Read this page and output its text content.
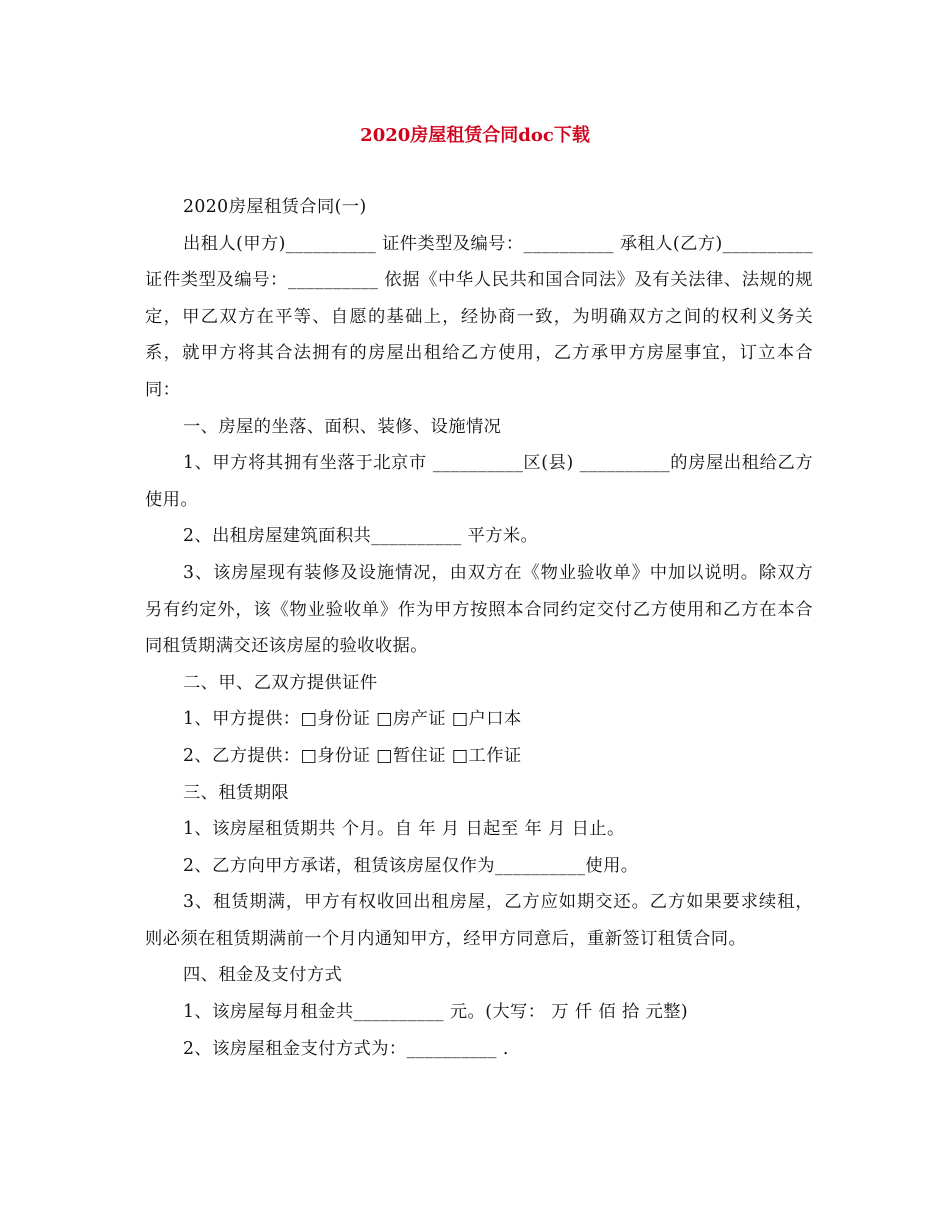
2020房屋租赁合同doc下载

2020房屋租赁合同(一)

出租人(甲方)__________ 证件类型及编号：__________ 承租人(乙方)__________ 证件类型及编号：__________ 依据《中华人民共和国合同法》及有关法律、法规的规定，甲乙双方在平等、自愿的基础上，经协商一致，为明确双方之间的权利义务关系，就甲方将其合法拥有的房屋出租给乙方使用，乙方承甲方房屋事宜，订立本合同：

一、房屋的坐落、面积、装修、设施情况

1、甲方将其拥有坐落于北京市 __________区(县) __________的房屋出租给乙方使用。

2、出租房屋建筑面积共__________ 平方米。

3、该房屋现有装修及设施情况，由双方在《物业验收单》中加以说明。除双方另有约定外，该《物业验收单》作为甲方按照本合同约定交付乙方使用和乙方在本合同租赁期满交还该房屋的验收收据。

二、甲、乙双方提供证件

1、甲方提供：□身份证 □房产证 □户口本

2、乙方提供：□身份证 □暂住证 □工作证

三、租赁期限

1、该房屋租赁期共 个月。自 年 月 日起至 年 月 日止。

2、乙方向甲方承诺，租赁该房屋仅作为__________使用。

3、租赁期满，甲方有权收回出租房屋，乙方应如期交还。乙方如果要求续租，则必须在租赁期满前一个月内通知甲方，经甲方同意后，重新签订租赁合同。

四、租金及支付方式

1、该房屋每月租金共__________ 元。(大写： 万 仟 佰 拾 元整)

2、该房屋租金支付方式为：__________ .
